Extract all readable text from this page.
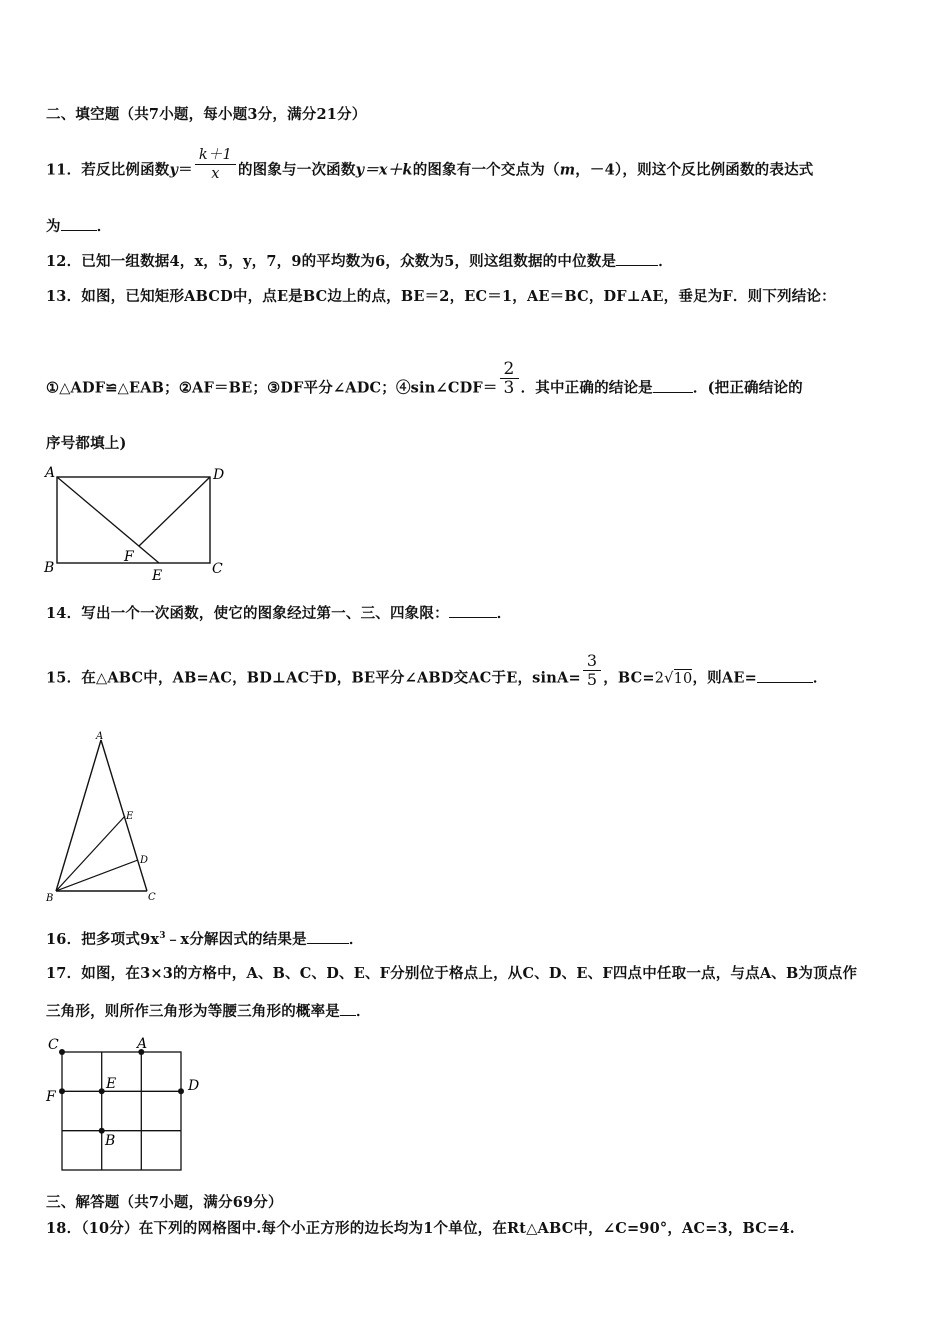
二、填空题（共7小题，每小题3分，满分21分）
11．若反比例函数$y= \frac{k+1}{x}$ 的图象与一次函数y＝x＋k的图象有一个交点为（m，－4），则这个反比例函数的表达式
为 ．
12．已知一组数据4，x，5，y，7，9的平均数为6，众数为5，则这组数据的中位数是	．
13．如图，已知矩形ABCD中，点E是BC边上的点，BE＝2，EC＝1，AE＝BC，DF⊥AE，垂足为F．则下列结论：
①△ADF≌△EAB；②AF＝BE；③DF平分∠ADC；④sin∠CDF＝ $\frac{2}{3}$ ．其中正确的结论是	．(把正确结论的
序号都填上)
A	D
B	C
F
E
14．写出一个一次函数，使它的图象经过第一、三、四象限：	．
15．在△ABC中，AB=AC，BD⊥AC于D，BE平分∠ABD交AC于E，$\sin A= \frac{3}{5}$ ，BC=2√10，则AE=	．
A
E
D
B	C
16．把多项式$9x^3﹣x$分解因式的结果是	．
17．如图，在3×3的方格中，A、B、C、D、E、F分别位于格点上，从C、D、E、F四点中任取一点，与点A、B为顶点作
三角形，则所作三角形为等腰三角形的概率是 ．
C	A
F
E	D
B
三、解答题（共7小题，满分69分）
18．（10分）在下列的网格图中.每个小正方形的边长均为1个单位，在Rt△ABC中，∠C=90°，AC=3，BC=4.
